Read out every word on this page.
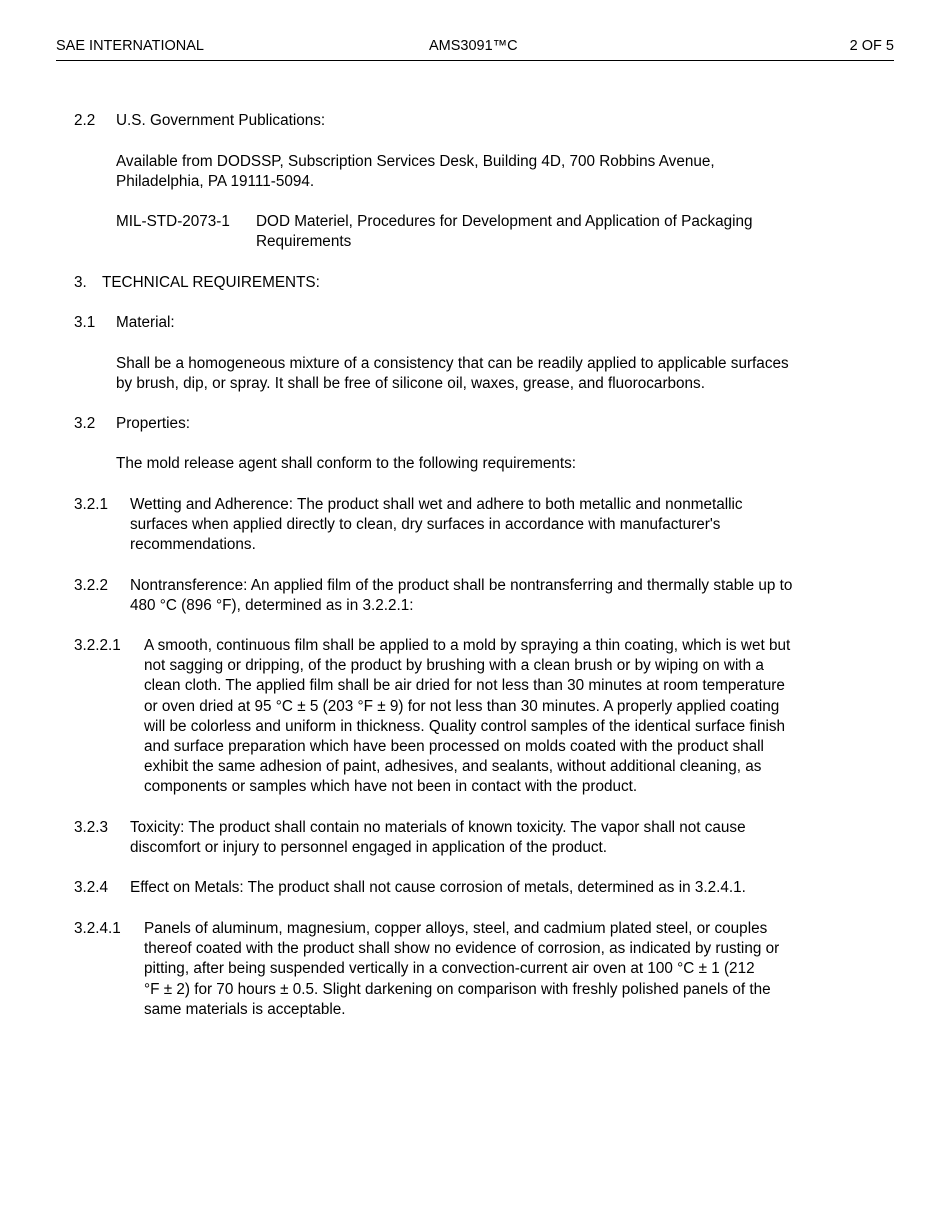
SAE INTERNATIONAL	AMS3091™C	2 OF 5
2.2 U.S. Government Publications:
Available from DODSSP, Subscription Services Desk, Building 4D, 700 Robbins Avenue,
Philadelphia, PA 19111-5094.
MIL-STD-2073-1 DOD Materiel, Procedures for Development and Application of Packaging
Requirements
3. TECHNICAL REQUIREMENTS:
3.1 Material:
Shall be a homogeneous mixture of a consistency that can be readily applied to applicable surfaces
by brush, dip, or spray. It shall be free of silicone oil, waxes, grease, and fluorocarbons.
3.2 Properties:
The mold release agent shall conform to the following requirements:
3.2.1 Wetting and Adherence: The product shall wet and adhere to both metallic and nonmetallic
surfaces when applied directly to clean, dry surfaces in accordance with manufacturer's
recommendations.
3.2.2 Nontransference: An applied film of the product shall be nontransferring and thermally stable up to
480 °C (896 °F), determined as in 3.2.2.1:
3.2.2.1 A smooth, continuous film shall be applied to a mold by spraying a thin coating, which is wet but
not sagging or dripping, of the product by brushing with a clean brush or by wiping on with a
clean cloth. The applied film shall be air dried for not less than 30 minutes at room temperature
or oven dried at 95 °C ± 5 (203 °F ± 9) for not less than 30 minutes. A properly applied coating
will be colorless and uniform in thickness. Quality control samples of the identical surface finish
and surface preparation which have been processed on molds coated with the product shall
exhibit the same adhesion of paint, adhesives, and sealants, without additional cleaning, as
components or samples which have not been in contact with the product.
3.2.3 Toxicity: The product shall contain no materials of known toxicity. The vapor shall not cause
discomfort or injury to personnel engaged in application of the product.
3.2.4 Effect on Metals: The product shall not cause corrosion of metals, determined as in 3.2.4.1.
3.2.4.1 Panels of aluminum, magnesium, copper alloys, steel, and cadmium plated steel, or couples
thereof coated with the product shall show no evidence of corrosion, as indicated by rusting or
pitting, after being suspended vertically in a convection-current air oven at 100 °C ± 1 (212
°F ± 2) for 70 hours ± 0.5. Slight darkening on comparison with freshly polished panels of the
same materials is acceptable.
